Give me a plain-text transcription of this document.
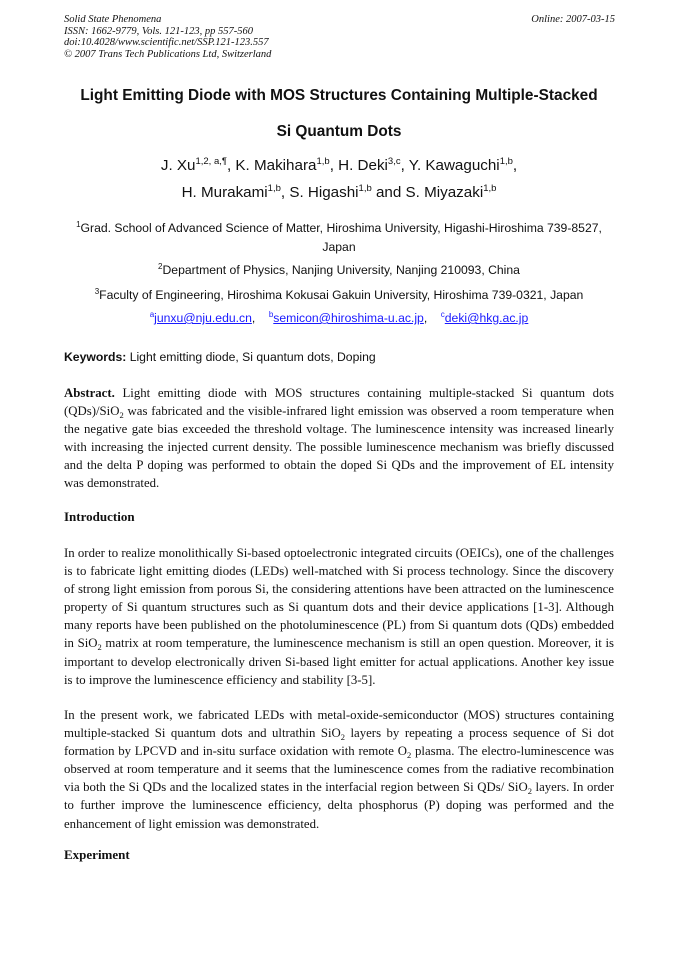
Solid State Phenomena
ISSN: 1662-9779, Vols. 121-123, pp 557-560
doi:10.4028/www.scientific.net/SSP.121-123.557
© 2007 Trans Tech Publications Ltd, Switzerland
Online: 2007-03-15
Light Emitting Diode with MOS Structures Containing Multiple-Stacked
Si Quantum Dots
J. $Xu^{1,2, a,\P}$, K. Makihara$^{1,b}$, H. Deki$^{3,c}$, Y. Kawaguchi$^{1,b}$,
H. Murakami$^{1,b}$, S. Higashi$^{1,b}$ and S. Miyazaki$^{1,b}$
$^1$Grad. School of Advanced Science of Matter, Hiroshima University, Higashi-Hiroshima 739-8527, Japan
$^2$Department of Physics, Nanjing University, Nanjing 210093, China
$^3$Faculty of Engineering, Hiroshima Kokusai Gakuin University, Hiroshima 739-0321, Japan
$^a$junxu@nju.edu.cn, $^b$semicon@hiroshima-u.ac.jp, $^c$deki@hkg.ac.jp
Keywords: Light emitting diode, Si quantum dots, Doping

Abstract. Light emitting diode with MOS structures containing multiple-stacked Si quantum dots (QDs)/SiO$_2$ was fabricated and the visible-infrared light emission was observed a room temperature when the negative gate bias exceeded the threshold voltage. The luminescence intensity was increased linearly with increasing the injected current density. The possible luminescence mechanism was briefly discussed and the delta P doping was performed to obtain the doped Si QDs and the improvement of EL intensity was demonstrated.

Introduction

In order to realize monolithically Si-based optoelectronic integrated circuits (OEICs), one of the challenges is to fabricate light emitting diodes (LEDs) well-matched with Si process technology. Since the discovery of strong light emission from porous Si, the considering attentions have been attracted on the luminescence property of Si quantum structures such as Si quantum dots and their device applications [1-3]. Although many reports have been published on the photoluminescence (PL) from Si quantum dots (QDs) embedded in SiO$_2$ matrix at room temperature, the luminescence mechanism is still an open question. Moreover, it is important to develop electronically driven Si-based light emitter for actual applications. Another key issue is to improve the luminescence efficiency and stability [3-5].

In the present work, we fabricated LEDs with metal-oxide-semiconductor (MOS) structures containing multiple-stacked Si quantum dots and ultrathin SiO$_2$ layers by repeating a process sequence of Si dot formation by LPCVD and in-situ surface oxidation with remote $O_2$ plasma. The electro-luminescence was observed at room temperature and it seems that the luminescence comes from the radiative recombination via both the Si QDs and the localized states in the interfacial region between Si QDs/ SiO$_2$ layers. In order to further improve the luminescence efficiency, delta phosphorus (P) doping was performed and the enhancement of light emission was demonstrated.

Experiment
